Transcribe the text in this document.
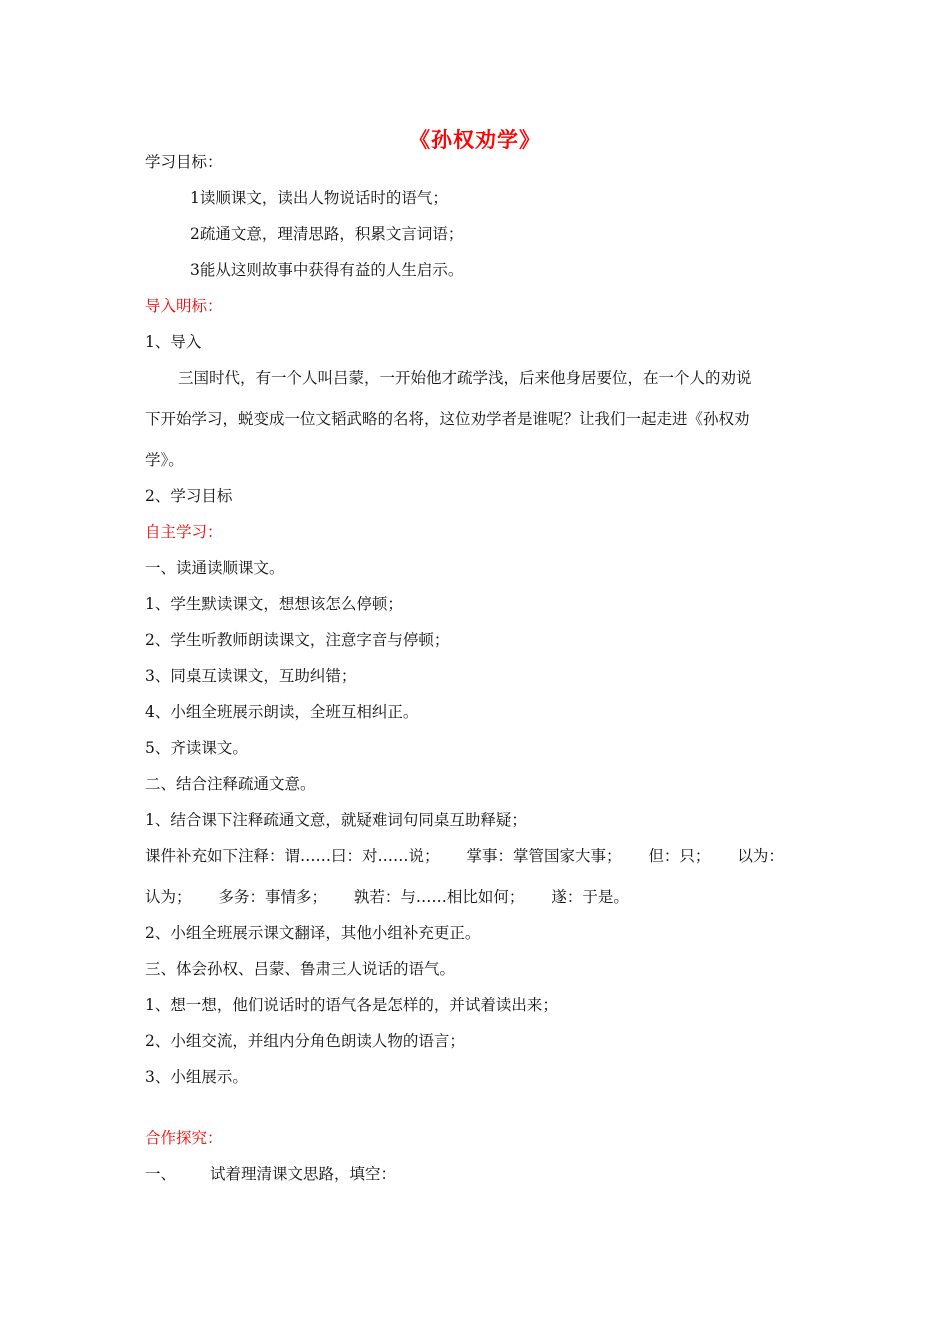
《孙权劝学》
学习目标：
1读顺课文，读出人物说话时的语气；
2疏通文意，理清思路，积累文言词语；
3能从这则故事中获得有益的人生启示。
导入明标：
1、导入
三国时代，有一个人叫吕蒙，一开始他才疏学浅，后来他身居要位，在一个人的劝说
下开始学习，蜕变成一位文韬武略的名将，这位劝学者是谁呢？让我们一起走进《孙权劝
学》。
2、学习目标
自主学习：
一、读通读顺课文。
1、学生默读课文，想想该怎么停顿；
2、学生听教师朗读课文，注意字音与停顿；
3、同桌互读课文，互助纠错；
4、小组全班展示朗读，全班互相纠正。
5、齐读课文。
二、结合注释疏通文意。
1、结合课下注释疏通文意，就疑难词句同桌互助释疑；
课件补充如下注释：谓……曰：对……说； 掌事：掌管国家大事； 但：只； 以为：
认为； 多务：事情多； 孰若：与……相比如何； 遂：于是。
2、小组全班展示课文翻译，其他小组补充更正。
三、体会孙权、吕蒙、鲁肃三人说话的语气。
1、想一想，他们说话时的语气各是怎样的，并试着读出来；
2、小组交流，并组内分角色朗读人物的语言；
3、小组展示。
合作探究：
一、 试着理清课文思路，填空：
